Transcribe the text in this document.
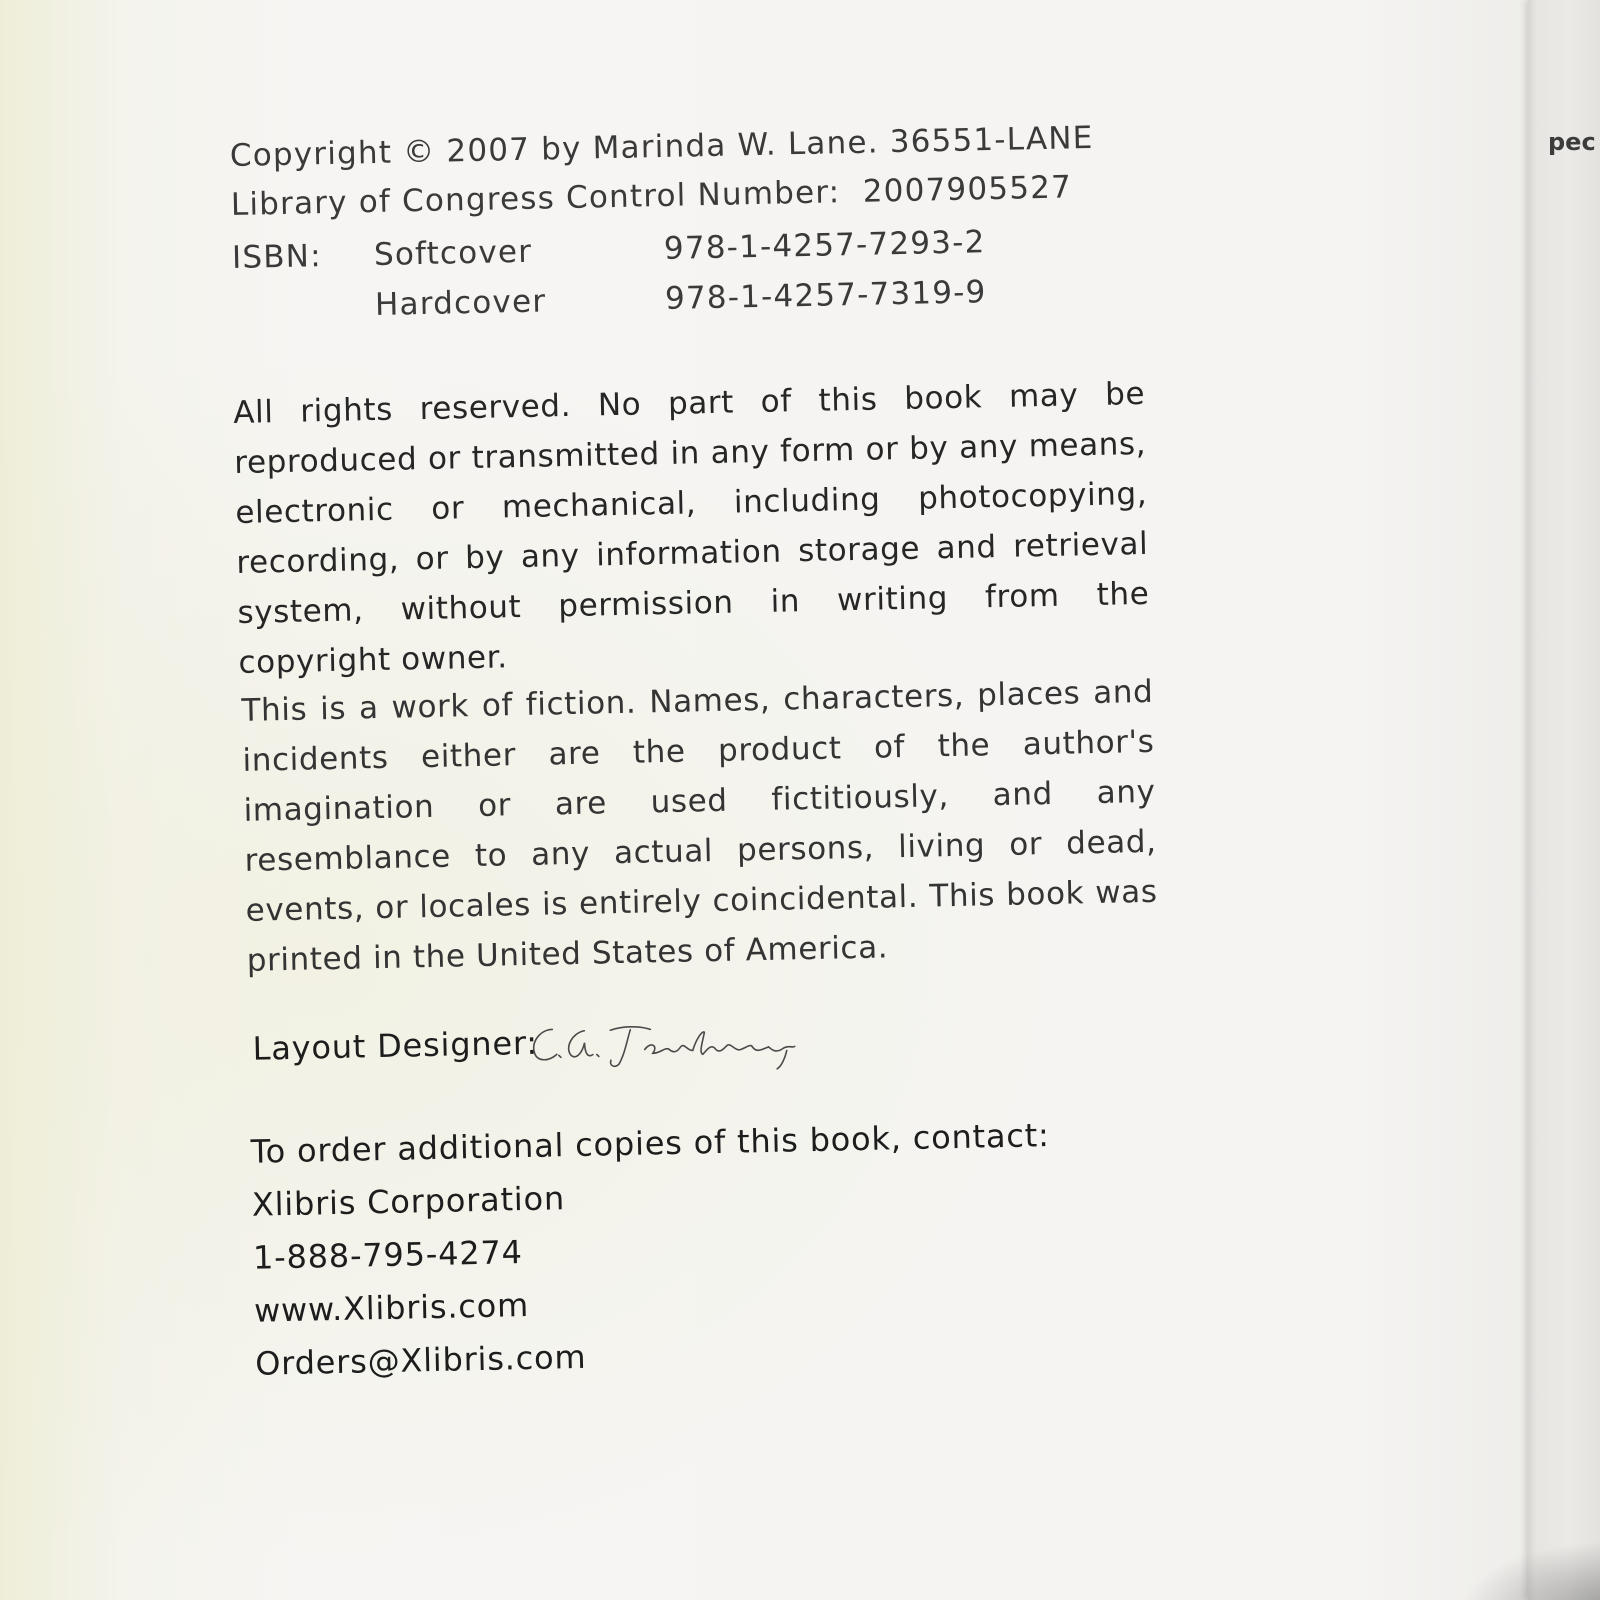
Copyright © 2007 by Marinda W. Lane. 36551-LANE
Library of Congress Control Number: 2007905527
ISBN: Softcover	978-1-4257-7293-2
Hardcover	978-1-4257-7319-9
All rights reserved. No part of this book may be reproduced or transmitted in any form or by any means, electronic or mechanical, including photocopying, recording, or by any information storage and retrieval system, without permission in writing from the copyright owner.
This is a work of fiction. Names, characters, places and incidents either are the product of the author's imagination or are used fictitiously, and any resemblance to any actual persons, living or dead, events, or locales is entirely coincidental. This book was printed in the United States of America.
Layout Designer:
To order additional copies of this book, contact:
Xlibris Corporation
1-888-795-4274
www.Xlibris.com
Orders@Xlibris.com
pec
